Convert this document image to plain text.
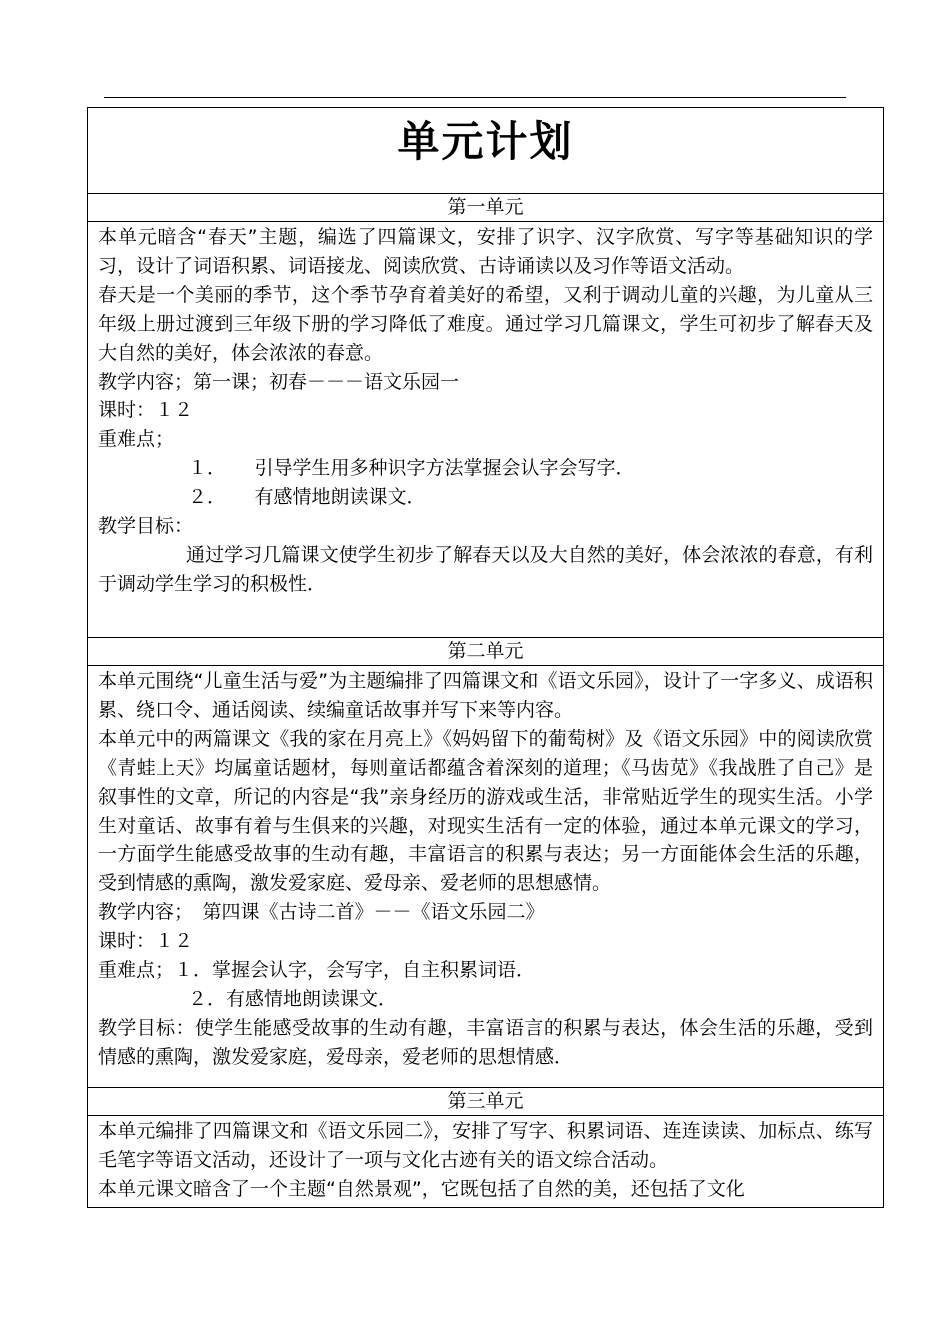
单元计划
第一单元

本单元暗含“春天”主题，编选了四篇课文，安排了识字、汉字欣赏、写字等基础知识的学习，设计了词语积累、词语接龙、阅读欣赏、古诗诵读以及习作等语文活动。

春天是一个美丽的季节，这个季节孕育着美好的希望，又利于调动儿童的兴趣，为儿童从三年级上册过渡到三年级下册的学习降低了难度。通过学习几篇课文，学生可初步了解春天及大自然的美好，体会浓浓的春意。

教学内容；第一课；初春－－－语文乐园一

课时：１２

重难点；

１．　　引导学生用多种识字方法掌握会认字会写字．

２．　　有感情地朗读课文．

教学目标：

通过学习几篇课文使学生初步了解春天以及大自然的美好，体会浓浓的春意，有利于调动学生学习的积极性．

第二单元

本单元围绕“儿童生活与爱”为主题编排了四篇课文和《语文乐园》，设计了一字多义、成语积累、绕口令、通话阅读、续编童话故事并写下来等内容。

本单元中的两篇课文《我的家在月亮上》《妈妈留下的葡萄树》及《语文乐园》中的阅读欣赏《青蛙上天》均属童话题材，每则童话都蕴含着深刻的道理；《马齿苋》《我战胜了自己》是叙事性的文章，所记的内容是“我”亲身经历的游戏或生活，非常贴近学生的现实生活。小学生对童话、故事有着与生俱来的兴趣，对现实生活有一定的体验，通过本单元课文的学习，一方面学生能感受故事的生动有趣，丰富语言的积累与表达；另一方面能体会生活的乐趣，受到情感的熏陶，激发爱家庭、爱母亲、爱老师的思想感情。

教学内容；　第四课《古诗二首》－－《语文乐园二》

课时：１２

重难点；１．掌握会认字，会写字，自主积累词语．

２．有感情地朗读课文．

教学目标：使学生能感受故事的生动有趣，丰富语言的积累与表达，体会生活的乐趣，受到情感的熏陶，激发爱家庭，爱母亲，爱老师的思想情感．

第三单元

本单元编排了四篇课文和《语文乐园二》，安排了写字、积累词语、连连读读、加标点、练写毛笔字等语文活动，还设计了一项与文化古迹有关的语文综合活动。

本单元课文暗含了一个主题“自然景观”，它既包括了自然的美，还包括了文化
